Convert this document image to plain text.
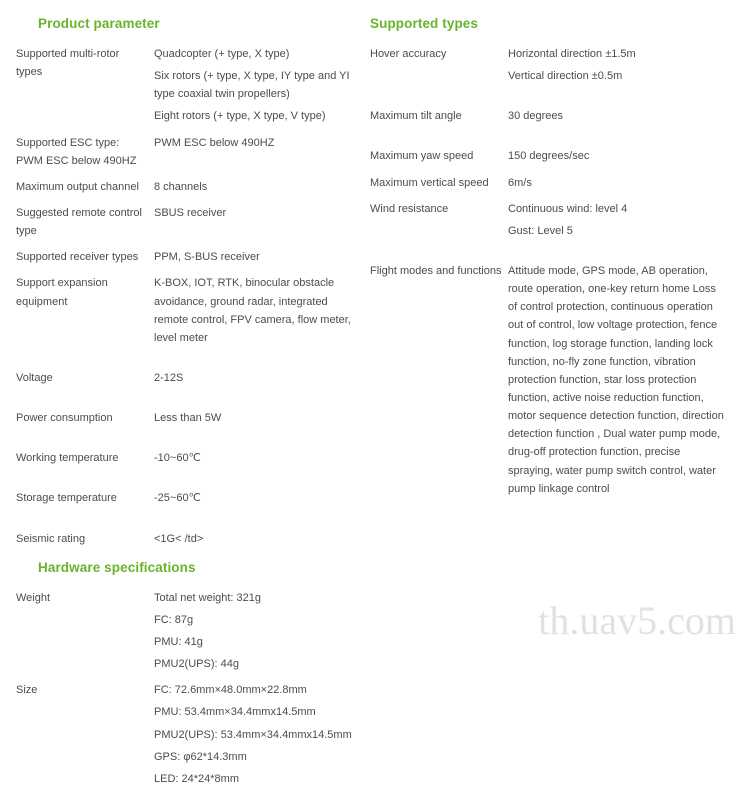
Product parameter
Supported multi-rotor types	Quadcopter (+ type, X type)
Six rotors (+ type, X type, IY type and YI type coaxial twin propellers)
Eight rotors (+ type, X type, V type)

Supported ESC type: PWM ESC below 490HZ	PWM ESC below 490HZ

Maximum output channel	8 channels

Suggested remote control type	SBUS receiver

Supported receiver types	PPM, S-BUS receiver

Support expansion equipment	K-BOX, IOT, RTK, binocular obstacle avoidance, ground radar, integrated remote control, FPV camera, flow meter, level meter

Voltage	2-12S

Power consumption	Less than 5W

Working temperature	-10~60℃

Storage temperature	-25~60℃

Seismic rating	<1G< /td>
Supported types
Hover accuracy	Horizontal direction ±1.5m
Vertical direction ±0.5m

Maximum tilt angle	30 degrees

Maximum yaw speed	150 degrees/sec

Maximum vertical speed	6m/s

Wind resistance	Continuous wind: level 4
Gust: Level 5

Flight modes and functions	Attitude mode, GPS mode, AB operation, route operation, one-key return home Loss of control protection, continuous operation out of control, low voltage protection, fence function, log storage function, landing lock function, no-fly zone function, vibration protection function, star loss protection function, active noise reduction function, motor sequence detection function, direction detection function , Dual water pump mode, drug-off protection function, precise spraying, water pump switch control, water pump linkage control
Hardware specifications
Weight	Total net weight: 321g
FC: 87g
PMU: 41g
PMU2(UPS): 44g

Size	FC: 72.6mm×48.0mm×22.8mm
PMU: 53.4mm×34.4mmx14.5mm
PMU2(UPS): 53.4mm×34.4mmx14.5mm
GPS: φ62*14.3mm
LED: 24*24*8mm
th.uav5.com
